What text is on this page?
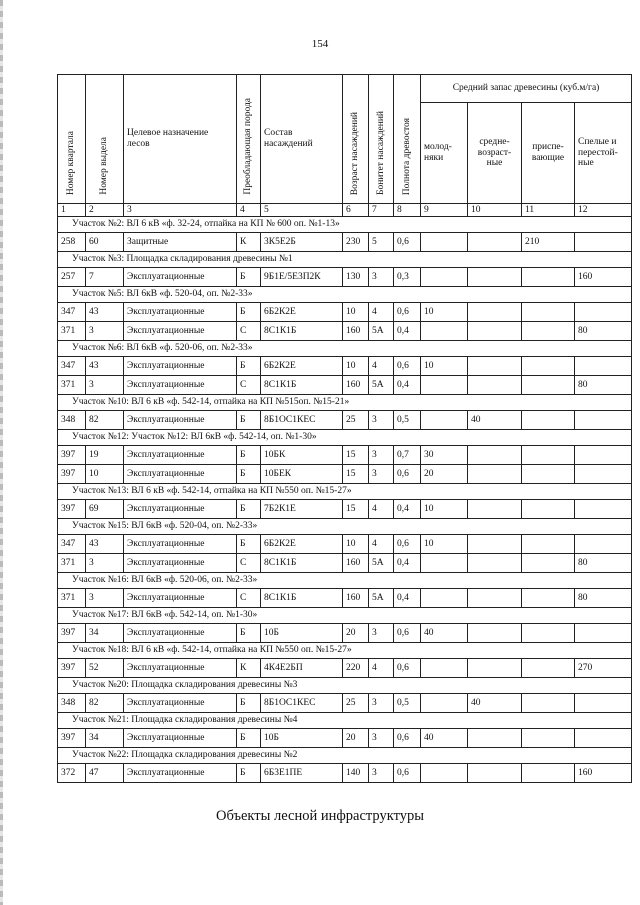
154
Номер квартала	Номер выдела	Целевое назначение лесов	Преобладающая порода	Состав насаждений	Возраст насаждений	Бонитет насаждений	Полнота древостоя	Средний запас древесины (куб.м/га)			
								молод-няки	средне-возраст-ные	приспе-вающие	Спелые и перестой-ные
1	2	3	4	5	6	7	8	9	10	11	12
Участок №2: ВЛ 6 кВ «ф. 32-24, отпайка на КП № 600 оп. №1-13»											
258	60	Защитные	К	3К5Е2Б	230	5	0,6			210	
Участок №3: Площадка складирования древесины №1											
257	7	Эксплуатационные	Б	9Б1Е/5Е3П2К	130	3	0,3				160
Участок №5: ВЛ 6кВ «ф. 520-04, оп. №2-33»											
347	43	Эксплуатационные	Б	6Б2К2Е	10	4	0,6	10			
371	3	Эксплуатационные	С	8С1К1Б	160	5А	0,4				80
Участок №6: ВЛ 6кВ «ф. 520-06, оп. №2-33»											
347	43	Эксплуатационные	Б	6Б2К2Е	10	4	0,6	10			
371	3	Эксплуатационные	С	8С1К1Б	160	5А	0,4				80
Участок №10: ВЛ 6 кВ «ф. 542-14, отпайка на КП №515оп. №15-21»											
348	82	Эксплуатационные	Б	8Б1ОС1КЕС	25	3	0,5		40		
Участок №12: Участок №12: ВЛ 6кВ «ф. 542-14, оп. №1-30»											
397	19	Эксплуатационные	Б	10БК	15	3	0,7	30			
397	10	Эксплуатационные	Б	10БЕК	15	3	0,6	20			
Участок №13: ВЛ 6 кВ «ф. 542-14, отпайка на КП №550 оп. №15-27»											
397	69	Эксплуатационные	Б	7Б2К1Е	15	4	0,4	10			
Участок №15: ВЛ 6кВ «ф. 520-04, оп. №2-33»											
347	43	Эксплуатационные	Б	6Б2К2Е	10	4	0,6	10			
371	3	Эксплуатационные	С	8С1К1Б	160	5А	0,4				80
Участок №16: ВЛ 6кВ «ф. 520-06, оп. №2-33»											
371	3	Эксплуатационные	С	8С1К1Б	160	5А	0,4				80
Участок №17: ВЛ 6кВ «ф. 542-14, оп. №1-30»											
397	34	Эксплуатационные	Б	10Б	20	3	0,6	40			
Участок №18: ВЛ 6 кВ «ф. 542-14, отпайка на КП №550 оп. №15-27»											
397	52	Эксплуатационные	К	4К4Е2БП	220	4	0,6				270
Участок №20: Площадка складирования древесины №3											
348	82	Эксплуатационные	Б	8Б1ОС1КЕС	25	3	0,5		40		
Участок №21: Площадка складирования древесины №4											
397	34	Эксплуатационные	Б	10Б	20	3	0,6	40			
Участок №22: Площадка складирования древесины №2											
372	47	Эксплуатационные	Б	6Б3Е1ПЕ	140	3	0,6				160
Объекты лесной инфраструктуры
